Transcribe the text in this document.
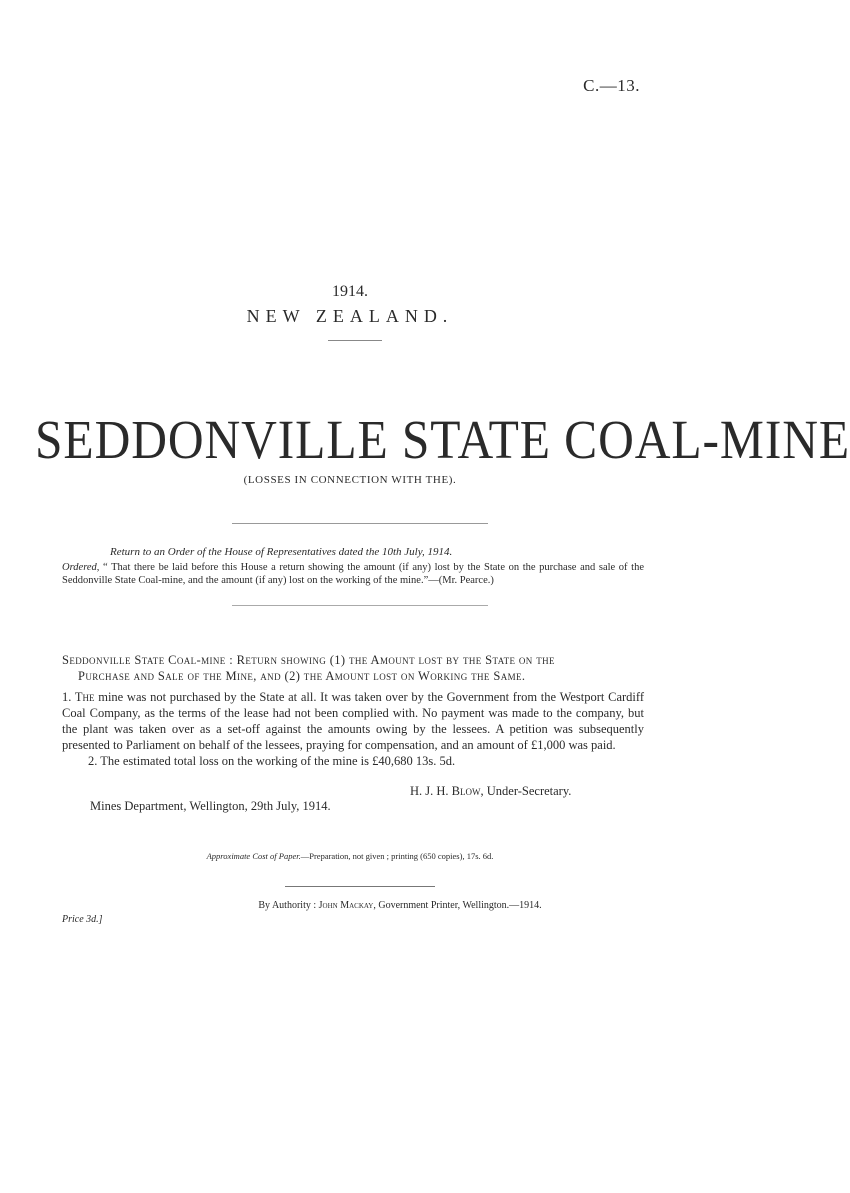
C.—13.
1914.
NEW ZEALAND.
SEDDONVILLE STATE COAL-MINE
(LOSSES IN CONNECTION WITH THE).
Return to an Order of the House of Representatives dated the 10th July, 1914.
Ordered, “ That there be laid before this House a return showing the amount (if any) lost by the State on the purchase and sale of the Seddonville State Coal-mine, and the amount (if any) lost on the working of the mine.”—(Mr. Pearce.)

Seddonville State Coal-mine : Return showing (1) the Amount lost by the State on the

Purchase and Sale of the Mine, and (2) the Amount lost on Working the Same.

1. The mine was not purchased by the State at all. It was taken over by the Government from the Westport Cardiff Coal Company, as the terms of the lease had not been complied with. No payment was made to the company, but the plant was taken over as a set-off against the amounts owing by the lessees. A petition was subsequently presented to Parliament on behalf of the lessees, praying for compensation, and an amount of £1,000 was paid.

2. The estimated total loss on the working of the mine is £40,680 13s. 5d.

H. J. H. Blow, Under-Secretary.
Mines Department, Wellington, 29th July, 1914.
Approximate Cost of Paper.—Preparation, not given ; printing (650 copies), 17s. 6d.
By Authority : John Mackay, Government Printer, Wellington.—1914.
Price 3d.]
